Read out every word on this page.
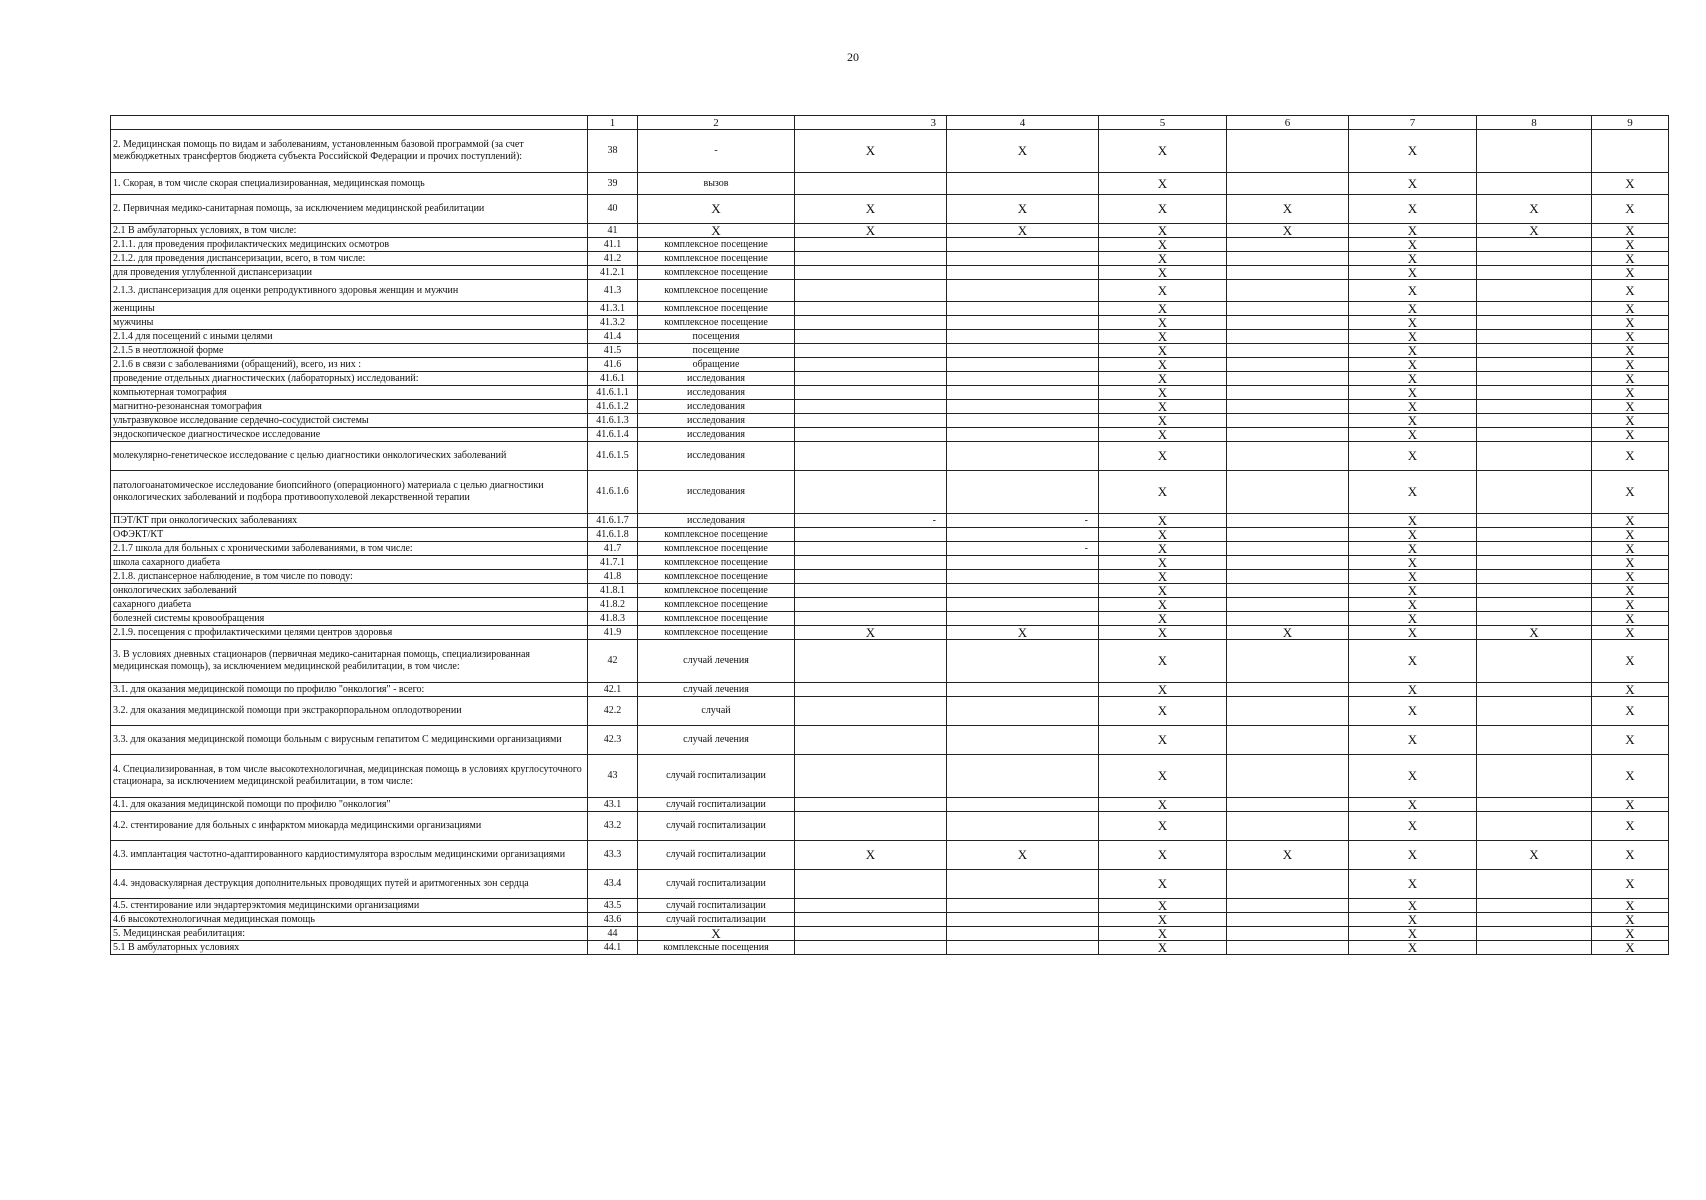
20
	1	2	3	4	5	6	7	8	9
2. Медицинская помощь по видам и заболеваниям, установленным базовой программой (за счет межбюджетных трансфертов бюджета субъекта Российской Федерации и прочих поступлений):	38	-	X	X	X		X		
1. Скорая, в том числе скорая специализированная, медицинская помощь	39	вызов			X		X		X
2. Первичная медико-санитарная помощь, за исключением медицинской реабилитации	40	X	X	X	X	X	X	X	X
2.1 В амбулаторных условиях, в том числе:	41	X	X	X	X	X	X	X	X
2.1.1. для проведения профилактических медицинских осмотров	41.1	комплексное посещение			X		X		X
2.1.2. для проведения диспансеризации, всего, в том числе:	41.2	комплексное посещение			X		X		X
для проведения углубленной диспансеризации	41.2.1	комплексное посещение			X		X		X
2.1.3. диспансеризация для оценки репродуктивного здоровья женщин и мужчин	41.3	комплексное посещение			X		X		X
женщины	41.3.1	комплексное посещение			X		X		X
мужчины	41.3.2	комплексное посещение			X		X		X
2.1.4 для посещений с иными целями	41.4	посещения			X		X		X
2.1.5 в неотложной форме	41.5	посещение			X		X		X
2.1.6 в связи с заболеваниями (обращений), всего, из них :	41.6	обращение			X		X		X
проведение отдельных диагностических (лабораторных) исследований:	41.6.1	исследования			X		X		X
компьютерная томография	41.6.1.1	исследования			X		X		X
магнитно-резонансная томография	41.6.1.2	исследования			X		X		X
ультразвуковое исследование сердечно-сосудистой системы	41.6.1.3	исследования			X		X		X
эндоскопическое диагностическое исследование	41.6.1.4	исследования			X		X		X
молекулярно-генетическое исследование с целью диагностики онкологических заболеваний	41.6.1.5	исследования			X		X		X
патологоанатомическое исследование биопсийного (операционного) материала с целью диагностики онкологических заболеваний и подбора противоопухолевой лекарственной терапии	41.6.1.6	исследования			X		X		X
ПЭТ/КТ при онкологических заболеваниях	41.6.1.7	исследования	-	-	X		X		X
ОФЭКТ/КТ	41.6.1.8	комплексное посещение			X		X		X
2.1.7 школа для больных с хроническими заболеваниями, в том числе:	41.7	комплексное посещение		-	X		X		X
школа сахарного диабета	41.7.1	комплексное посещение			X		X		X
2.1.8. диспансерное наблюдение, в том числе по поводу:	41.8	комплексное посещение			X		X		X
онкологических заболеваний	41.8.1	комплексное посещение			X		X		X
сахарного диабета	41.8.2	комплексное посещение			X		X		X
болезней системы кровообращения	41.8.3	комплексное посещение			X		X		X
2.1.9. посещения с профилактическими целями центров здоровья	41.9	комплексное посещение	X	X	X	X	X	X	X
3. В условиях дневных стационаров (первичная медико-санитарная помощь, специализированная медицинская помощь), за исключением медицинской реабилитации, в том числе:	42	случай лечения			X		X		X
3.1. для оказания медицинской помощи по профилю "онкология" - всего:	42.1	случай лечения			X		X		X
3.2. для оказания медицинской помощи при экстракорпоральном оплодотворении	42.2	случай			X		X		X
3.3. для оказания медицинской помощи больным с вирусным гепатитом С медицинскими организациями	42.3	случай лечения			X		X		X
4. Специализированная, в том числе высокотехнологичная, медицинская помощь в условиях круглосуточного стационара, за исключением медицинской реабилитации, в том числе:	43	случай госпитализации			X		X		X
4.1. для оказания медицинской помощи по профилю "онкология"	43.1	случай госпитализации			X		X		X
4.2. стентирование для больных с инфарктом миокарда медицинскими организациями	43.2	случай госпитализации			X		X		X
4.3. имплантация частотно-адаптированного кардиостимулятора взрослым медицинскими организациями	43.3	случай госпитализации	X	X	X	X	X	X	X
4.4. эндоваскулярная деструкция дополнительных проводящих путей и аритмогенных зон сердца	43.4	случай госпитализации			X		X		X
4.5. стентирование или эндартерэктомия медицинскими организациями	43.5	случай госпитализации			X		X		X
4.6 высокотехнологичная медицинская помощь	43.6	случай госпитализации			X		X		X
5. Медицинская реабилитация:	44	X			X		X		X
5.1 В амбулаторных условиях	44.1	комплексные посещения			X		X		X
